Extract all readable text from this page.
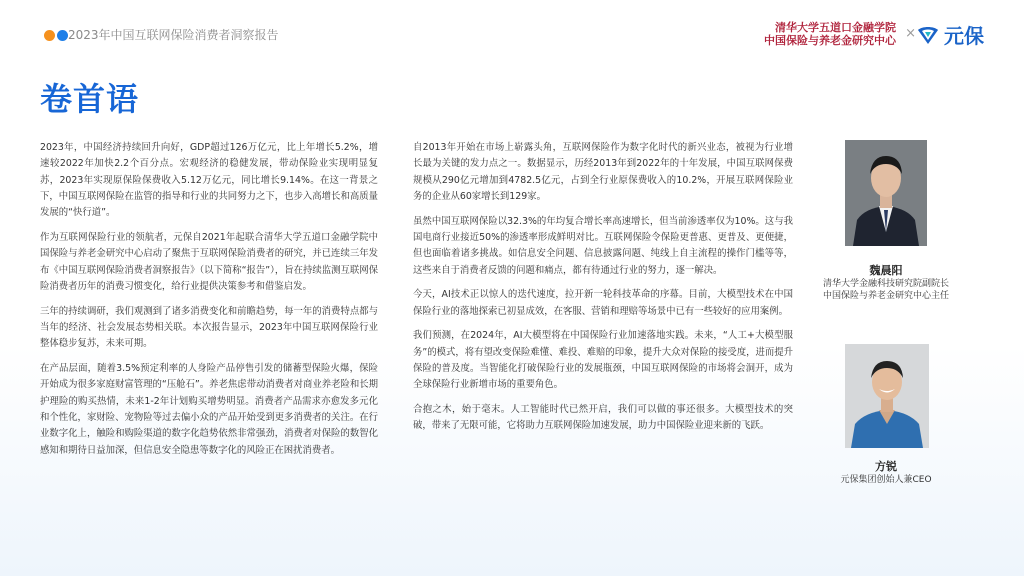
2023年中国互联网保险消费者洞察报告
清华大学五道口金融学院
中国保险与养老金研究中心 × 元保
卷首语

2023年，中国经济持续回升向好，GDP超过126万亿元，比上年增长5.2%，增速较2022年加快2.2个百分点。宏观经济的稳健发展，带动保险业实现明显复苏，2023年实现原保险保费收入5.12万亿元，同比增长9.14%。在这一背景之下，中国互联网保险在监管的指导和行业的共同努力之下，也步入高增长和高质量发展的“快行道”。

作为互联网保险行业的领航者，元保自2021年起联合清华大学五道口金融学院中国保险与养老金研究中心启动了聚焦于互联网保险消费者的研究，并已连续三年发布《中国互联网保险消费者洞察报告》（以下简称“报告”），旨在持续监测互联网保险消费者历年的消费习惯变化，给行业提供决策参考和借鉴启发。

三年的持续调研，我们观测到了诸多消费变化和前瞻趋势，每一年的消费特点都与当年的经济、社会发展态势相关联。本次报告显示，2023年中国互联网保险行业整体稳步复苏，未来可期。

在产品层面，随着3.5%预定利率的人身险产品停售引发的储蓄型保险火爆，保险开始成为很多家庭财富管理的“压舱石”。养老焦虑带动消费者对商业养老险和长期护理险的购买热情，未来1-2年计划购买增势明显。消费者产品需求亦愈发多元化和个性化，家财险、宠物险等过去偏小众的产品开始受到更多消费者的关注。在行业数字化上，触险和购险渠道的数字化趋势依然非常强劲，消费者对保险的数智化感知和期待日益加深，但信息安全隐患等数字化的风险正在困扰消费者。

自2013年开始在市场上崭露头角，互联网保险作为数字化时代的新兴业态，被视为行业增长最为关键的发力点之一。数据显示，历经2013年到2022年的十年发展，中国互联网保费规模从290亿元增加到4782.5亿元，占到全行业原保费收入的10.2%，开展互联网保险业务的企业从60家增长到129家。

虽然中国互联网保险以32.3%的年均复合增长率高速增长，但当前渗透率仅为10%。这与我国电商行业接近50%的渗透率形成鲜明对比。互联网保险令保险更普惠、更普及、更便捷，但也面临着诸多挑战。如信息安全问题、信息披露问题、纯线上自主流程的操作门槛等等，这些来自于消费者反馈的问题和痛点，都有待通过行业的努力，逐一解决。

今天，AI技术正以惊人的迭代速度，拉开新一轮科技革命的序幕。目前，大模型技术在中国保险行业的落地探索已初显成效，在客服、营销和理赔等场景中已有一些较好的应用案例。

我们预测，在2024年，AI大模型将在中国保险行业加速落地实践。未来，“人工+大模型服务”的模式，将有望改变保险难懂、难投、难赔的印象，提升大众对保险的接受度，进而提升保险的普及度。当智能化打破保险行业的发展瓶颈，中国互联网保险的市场将会洞开，成为全球保险行业新增市场的重要角色。

合抱之木，始于毫末。人工智能时代已然开启，我们可以做的事还很多。大模型技术的突破，带来了无限可能，它将助力互联网保险加速发展，助力中国保险业迎来新的飞跃。

魏晨阳
清华大学金融科技研究院副院长
中国保险与养老金研究中心主任
方锐
元保集团创始人兼CEO
